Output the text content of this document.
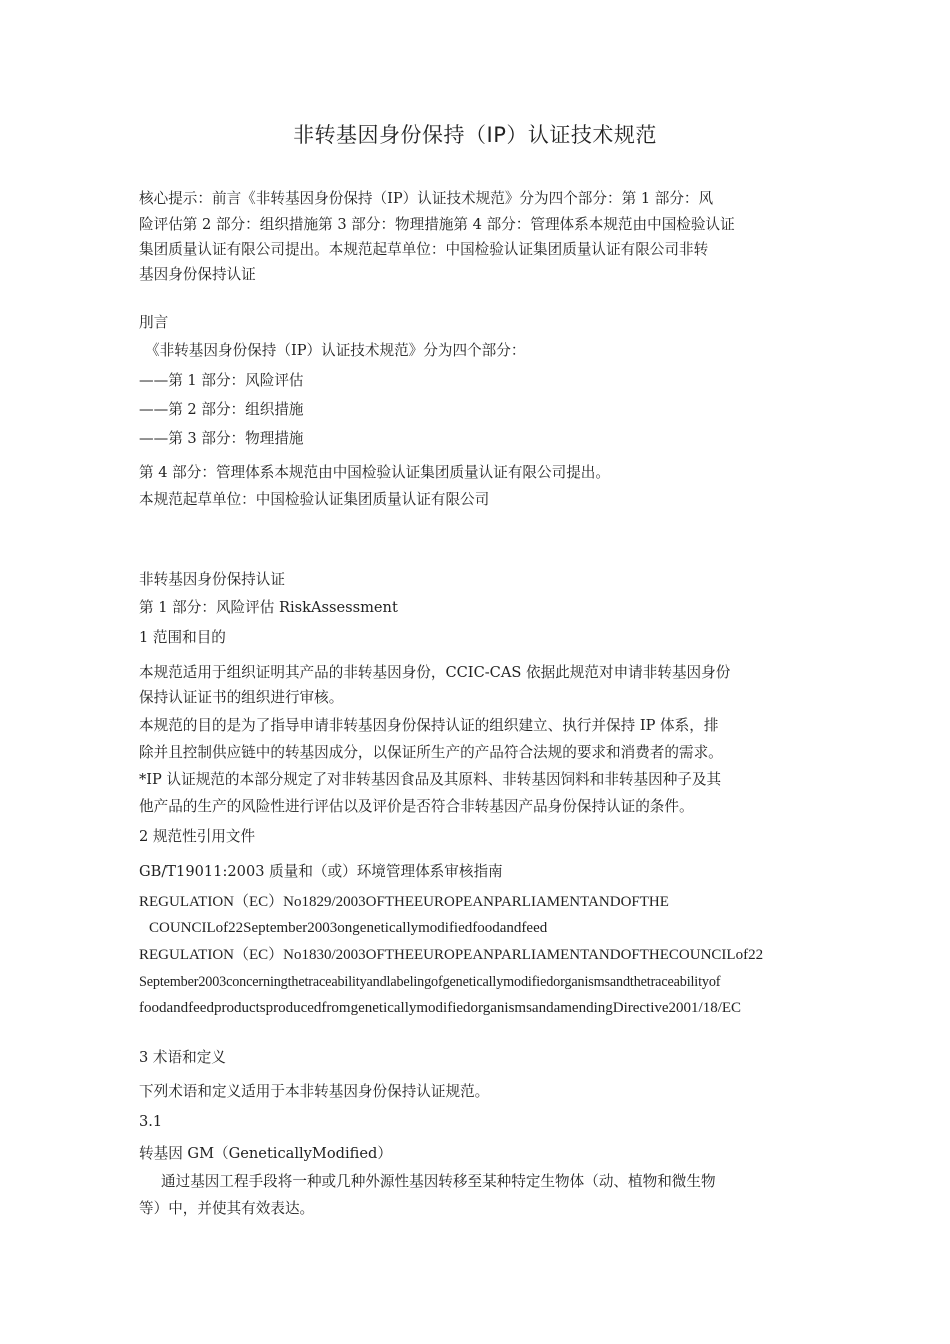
非转基因身份保持（IP）认证技术规范

核心提示：前言《非转基因身份保持（IP）认证技术规范》分为四个部分：第 1 部分：风

险评估第 2 部分：组织措施第 3 部分：物理措施第 4 部分：管理体系本规范由中国检验认证

集团质量认证有限公司提出。本规范起草单位：中国检验认证集团质量认证有限公司非转

基因身份保持认证

刖言

《非转基因身份保持（IP）认证技术规范》分为四个部分：

——第 1 部分：风险评估

——第 2 部分：组织措施

——第 3 部分：物理措施

第 4 部分：管理体系本规范由中国检验认证集团质量认证有限公司提出。

本规范起草单位：中国检验认证集团质量认证有限公司

非转基因身份保持认证

第 1 部分：风险评估 RiskAssessment

1 范围和目的

本规范适用于组织证明其产品的非转基因身份，CCIC-CAS 依据此规范对申请非转基因身份

保持认证证书的组织进行审核。

本规范的目的是为了指导申请非转基因身份保持认证的组织建立、执行并保持 IP 体系，排

除并且控制供应链中的转基因成分，以保证所生产的产品符合法规的要求和消费者的需求。

*IP 认证规范的本部分规定了对非转基因食品及其原料、非转基因饲料和非转基因种子及其

他产品的生产的风险性进行评估以及评价是否符合非转基因产品身份保持认证的条件。

2 规范性引用文件

GB/T19011:2003 质量和（或）环境管理体系审核指南

REGULATION（EC）No1829/2003OFTHEEUROPEANPARLIAMENTANDOFTHE

COUNCILof22September2003ongeneticallymodifiedfoodandfeed

REGULATION（EC）No1830/2003OFTHEEUROPEANPARLIAMENTANDOFTHECOUNCILof22

September2003concerningthetraceabilityandlabelingofgeneticallymodifiedorganismsandthetraceabilityof

foodandfeedproductsproducedfromgeneticallymodifiedorganismsandamendingDirective2001/18/EC

3 术语和定义

下列术语和定义适用于本非转基因身份保持认证规范。

3.1

转基因 GM（GeneticallyModified）

通过基因工程手段将一种或几种外源性基因转移至某种特定生物体（动、植物和微生物

等）中，并使其有效表达。
